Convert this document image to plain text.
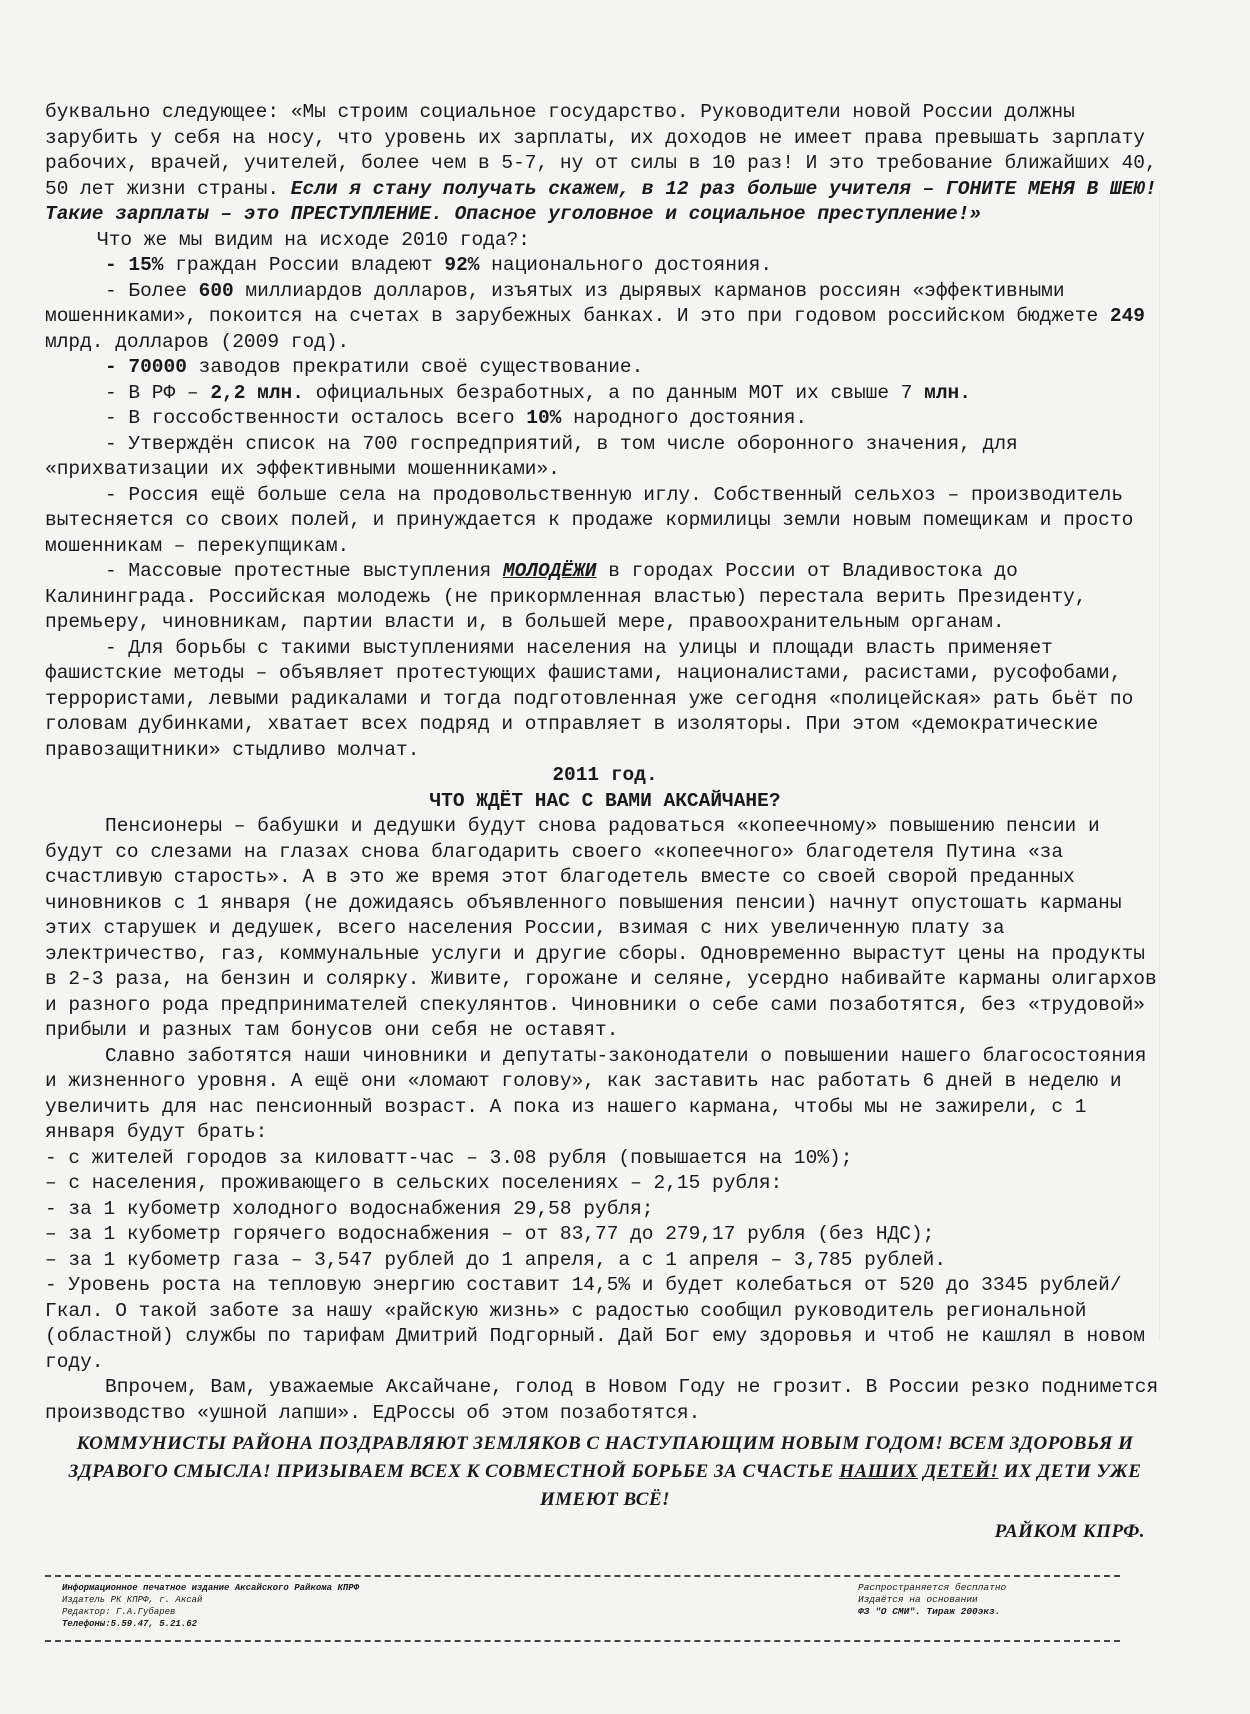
буквально следующее: «Мы строим социальное государство. Руководители новой России должны зарубить у себя на носу, что уровень их зарплаты, их доходов не имеет права превышать зарплату рабочих, врачей, учителей, более чем в 5-7, ну от силы в 10 раз! И это требование ближайших 40, 50 лет жизни страны. Если я стану получать скажем, в 12 раз больше учителя – ГОНИТЕ МЕНЯ В ШЕЮ! Такие зарплаты – это ПРЕСТУПЛЕНИЕ. Опасное уголовное и социальное преступление!»

Что же мы видим на исходе 2010 года?:

- 15% граждан России владеют 92% национального достояния.

- Более 600 миллиардов долларов, изъятых из дырявых карманов россиян «эффективными мошенниками», покоится на счетах в зарубежных банках. И это при годовом российском бюджете 249 млрд. долларов (2009 год).

- 70000 заводов прекратили своё существование.

- В РФ – 2,2 млн. официальных безработных, а по данным МОТ их свыше 7 млн.

- В госсобственности осталось всего 10% народного достояния.

- Утверждён список на 700 госпредприятий, в том числе оборонного значения, для «прихватизации их эффективными мошенниками».

- Россия ещё больше села на продовольственную иглу. Собственный сельхоз – производитель вытесняется со своих полей, и принуждается к продаже кормилицы земли новым помещикам и просто мошенникам – перекупщикам.

- Массовые протестные выступления МОЛОДЁЖИ в городах России от Владивостока до Калининграда. Российская молодежь (не прикормленная властью) перестала верить Президенту, премьеру, чиновникам, партии власти и, в большей мере, правоохранительным органам.

- Для борьбы с такими выступлениями населения на улицы и площади власть применяет фашистские методы – объявляет протестующих фашистами, националистами, расистами, русофобами, террористами, левыми радикалами и тогда подготовленная уже сегодня «полицейская» рать бьёт по головам дубинками, хватает всех подряд и отправляет в изоляторы. При этом «демократические правозащитники» стыдливо молчат.

2011 год.

ЧТО ЖДЁТ НАС С ВАМИ АКСАЙЧАНЕ?

Пенсионеры – бабушки и дедушки будут снова радоваться «копеечному» повышению пенсии и будут со слезами на глазах снова благодарить своего «копеечного» благодетеля Путина «за счастливую старость». А в это же время этот благодетель вместе со своей сворой преданных чиновников с 1 января (не дожидаясь объявленного повышения пенсии) начнут опустошать карманы этих старушек и дедушек, всего населения России, взимая с них увеличенную плату за электричество, газ, коммунальные услуги и другие сборы. Одновременно вырастут цены на продукты в 2-3 раза, на бензин и солярку. Живите, горожане и селяне, усердно набивайте карманы олигархов и разного рода предпринимателей спекулянтов. Чиновники о себе сами позаботятся, без «трудовой» прибыли и разных там бонусов они себя не оставят.

Славно заботятся наши чиновники и депутаты-законодатели о повышении нашего благосостояния и жизненного уровня. А ещё они «ломают голову», как заставить нас работать 6 дней в неделю и увеличить для нас пенсионный возраст. А пока из нашего кармана, чтобы мы не зажирели, с 1 января будут брать:

- с жителей городов за киловатт-час – 3.08 рубля (повышается на 10%);

– с населения, проживающего в сельских поселениях – 2,15 рубля:

- за 1 кубометр холодного водоснабжения 29,58 рубля;

– за 1 кубометр горячего водоснабжения – от 83,77 до 279,17 рубля (без НДС);

– за 1 кубометр газа – 3,547 рублей до 1 апреля, а с 1 апреля – 3,785 рублей.

- Уровень роста на тепловую энергию составит 14,5% и будет колебаться от 520 до 3345 рублей/Гкал. О такой заботе за нашу «райскую жизнь» с радостью сообщил руководитель региональной (областной) службы по тарифам Дмитрий Подгорный. Дай Бог ему здоровья и чтоб не кашлял в новом году.

Впрочем, Вам, уважаемые Аксайчане, голод в Новом Году не грозит. В России резко поднимется производство «ушной лапши». ЕдРоссы об этом позаботятся.

КОММУНИСТЫ РАЙОНА ПОЗДРАВЛЯЮТ ЗЕМЛЯКОВ С НАСТУПАЮЩИМ НОВЫМ ГОДОМ! ВСЕМ ЗДОРОВЬЯ И ЗДРАВОГО СМЫСЛА! ПРИЗЫВАЕМ ВСЕХ К СОВМЕСТНОЙ БОРЬБЕ ЗА СЧАСТЬЕ НАШИХ ДЕТЕЙ! ИХ ДЕТИ УЖЕ ИМЕЮТ ВСЁ!
РАЙКОМ КПРФ.
Информационное печатное издание Аксайского Райкома КПРФ
Издатель РК КПРФ, г. Аксай
Редактор: Г.А.Губарев
Телефоны:5.59.47, 5.21.62
Распространяется бесплатно
Издаётся на основании
ФЗ "О СМИ". Тираж 200экз.
